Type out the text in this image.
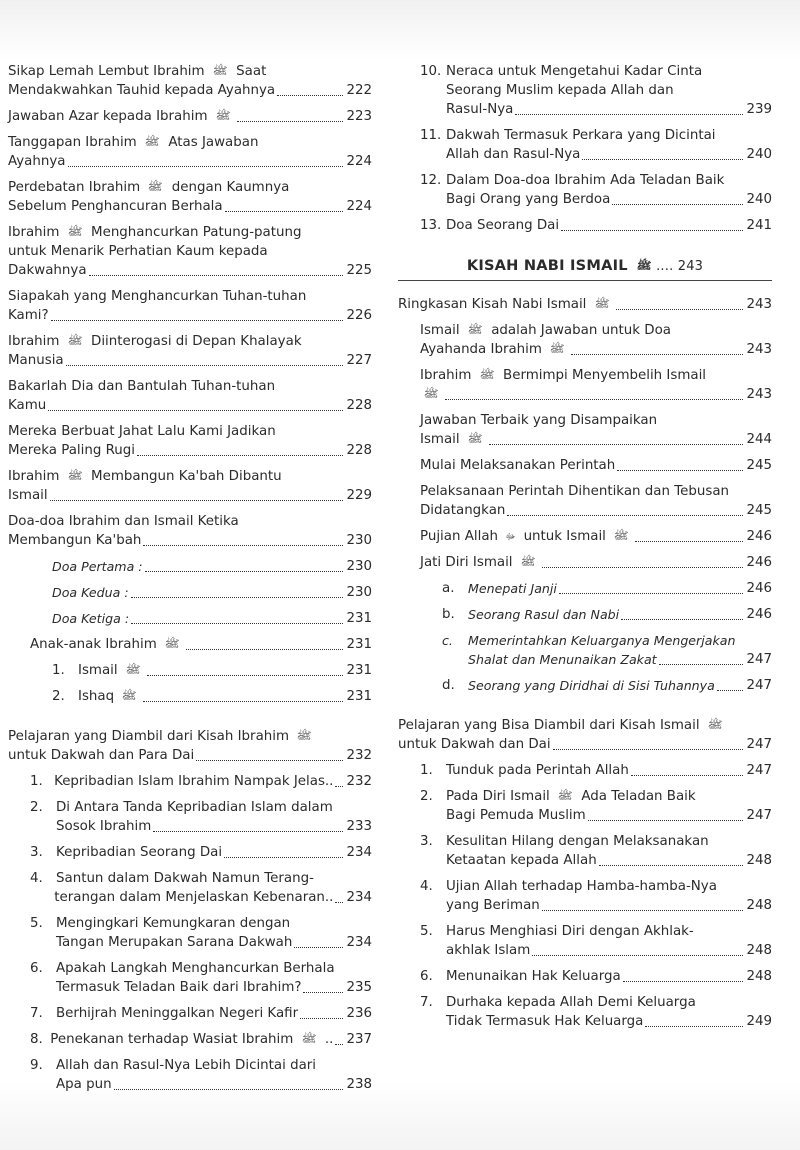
Sikap Lemah Lembut Ibrahim ﷺ Saat
Mendakwahkan Tauhid kepada Ayahnya	222
Jawaban Azar kepada Ibrahim ﷺ	223
Tanggapan Ibrahim ﷺ Atas Jawaban
Ayahnya	224
Perdebatan Ibrahim ﷺ dengan Kaumnya
Sebelum Penghancuran Berhala	224
Ibrahim ﷺ Menghancurkan Patung-patung
untuk Menarik Perhatian Kaum kepada
Dakwahnya	225
Siapakah yang Menghancurkan Tuhan-tuhan
Kami?	226
Ibrahim ﷺ Diinterogasi di Depan Khalayak
Manusia	227
Bakarlah Dia dan Bantulah Tuhan-tuhan
Kamu	228
Mereka Berbuat Jahat Lalu Kami Jadikan
Mereka Paling Rugi	228
Ibrahim ﷺ Membangun Ka'bah Dibantu
Ismail	229
Doa-doa Ibrahim dan Ismail Ketika
Membangun Ka'bah	230
Doa Pertama :	230
Doa Kedua :	230
Doa Ketiga :	231
Anak-anak Ibrahim ﷺ	231
1. Ismail ﷺ	231
2. Ishaq ﷺ	231
Pelajaran yang Diambil dari Kisah Ibrahim ﷺ
untuk Dakwah dan Para Dai	232
1. Kepribadian Islam Ibrahim Nampak Jelas.. 232
2. Di Antara Tanda Kepribadian Islam dalam
Sosok Ibrahim	233
3. Kepribadian Seorang Dai	234
4. Santun dalam Dakwah Namun Terang-
terangan dalam Menjelaskan Kebenaran.. 234
5. Mengingkari Kemungkaran dengan
Tangan Merupakan Sarana Dakwah	234
6. Apakah Langkah Menghancurkan Berhala
Termasuk Teladan Baik dari Ibrahim?	235
7. Berhijrah Meninggalkan Negeri Kafir	236
8. Penekanan terhadap Wasiat Ibrahim ﷺ .. 237
9. Allah dan Rasul-Nya Lebih Dicintai dari
Apa pun	238
10. Neraca untuk Mengetahui Kadar Cinta
Seorang Muslim kepada Allah dan
Rasul-Nya	239
11. Dakwah Termasuk Perkara yang Dicintai
Allah dan Rasul-Nya	240
12. Dalam Doa-doa Ibrahim Ada Teladan Baik
Bagi Orang yang Berdoa	240
13. Doa Seorang Dai	241
KISAH NABI ISMAIL ﷺ .... 243
Ringkasan Kisah Nabi Ismail ﷺ	243
Ismail ﷺ adalah Jawaban untuk Doa
Ayahanda Ibrahim ﷺ	243
Ibrahim ﷺ Bermimpi Menyembelih Ismail
ﷺ	243
Jawaban Terbaik yang Disampaikan
Ismail ﷺ	244
Mulai Melaksanakan Perintah	245
Pelaksanaan Perintah Dihentikan dan Tebusan
Didatangkan	245
Pujian Allah ﷻ untuk Ismail ﷺ	246
Jati Diri Ismail ﷺ	246
a.	Menepati Janji	246
b.	Seorang Rasul dan Nabi	246
c. Memerintahkan Keluarganya Mengerjakan
Shalat dan Menunaikan Zakat	247
d.	Seorang yang Diridhai di Sisi Tuhannya 247
Pelajaran yang Bisa Diambil dari Kisah Ismail ﷺ
untuk Dakwah dan Dai	247
1. Tunduk pada Perintah Allah	247
2. Pada Diri Ismail ﷺ Ada Teladan Baik
Bagi Pemuda Muslim	247
3. Kesulitan Hilang dengan Melaksanakan
Ketaatan kepada Allah	248
4. Ujian Allah terhadap Hamba-hamba-Nya
yang Beriman	248
5. Harus Menghiasi Diri dengan Akhlak-
akhlak Islam	248
6. Menunaikan Hak Keluarga	248
7. Durhaka kepada Allah Demi Keluarga
Tidak Termasuk Hak Keluarga	249
